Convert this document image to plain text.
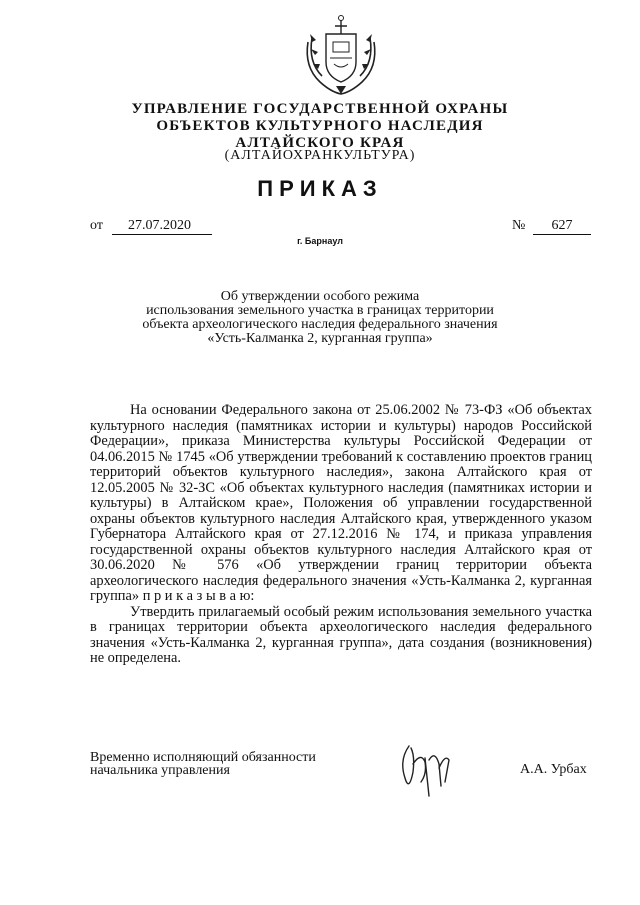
УПРАВЛЕНИЕ ГОСУДАРСТВЕННОЙ ОХРАНЫ
ОБЪЕКТОВ КУЛЬТУРНОГО НАСЛЕДИЯ
АЛТАЙСКОГО КРАЯ
(АЛТАЙОХРАНКУЛЬТУРА)
ПРИКАЗ
от	27.07.2020	№	627
г. Барнаул
Об утверждении особого режима
использования земельного участка в границах территории
объекта археологического наследия федерального значения
«Усть-Калманка 2, курганная группа»

На основании Федерального закона от 25.06.2002 № 73-ФЗ «Об объектах культурного наследия (памятниках истории и культуры) народов Российской Федерации», приказа Министерства культуры Российской Федерации от 04.06.2015 № 1745 «Об утверждении требований к составлению проектов границ территорий объектов культурного наследия», закона Алтайского края от 12.05.2005 № 32-ЗС «Об объектах культурного наследия (памятниках истории и культуры) в Алтайском крае», Положения об управлении государственной охраны объектов культурного наследия Алтайского края, утвержденного указом Губернатора Алтайского края от 27.12.2016 № 174, и приказа управления государственной охраны объектов культурного наследия Алтайского края от 30.06.2020 № 576 «Об утверждении границ территории объекта археологического наследия федерального значения «Усть-Калманка 2, курганная группа» п р и к а з ы в а ю:

Утвердить прилагаемый особый режим использования земельного участка в границах территории объекта археологического наследия федерального значения «Усть-Калманка 2, курганная группа», дата создания (возникновения) не определена.

Временно исполняющий обязанности
начальника управления	А.А. Урбах
